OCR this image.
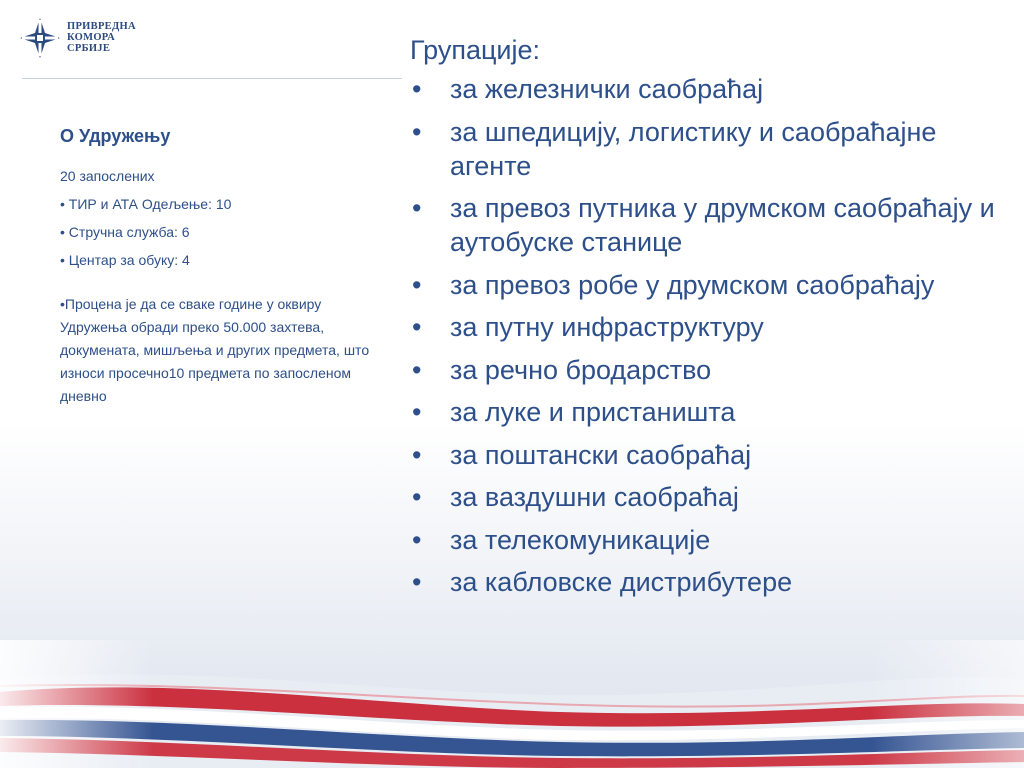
ПРИВРЕДНА
КОМОРА
СРБИЈЕ
О Удружењу
20 запослених
• ТИР и АТА Одељење: 10
• Стручна служба: 6
• Центар за обуку: 4
•Процена је да се сваке године у оквиру Удружења обради преко 50.000 захтева, докумената, мишљења и других предмета, што износи просечно10 предмета по запосленом дневно
Групације:
• за железнички саобраћај
• за шпедицију, логистику и саобраћајне агенте
• за превоз путника у друмском саобраћају и аутобуске станице
• за превоз робе у друмском саобраћају
• за путну инфраструктуру
• за речно бродарство
• за луке и пристаништа
• за поштански саобраћај
• за ваздушни саобраћај
• за телекомуникације
• за кабловске дистрибутере
